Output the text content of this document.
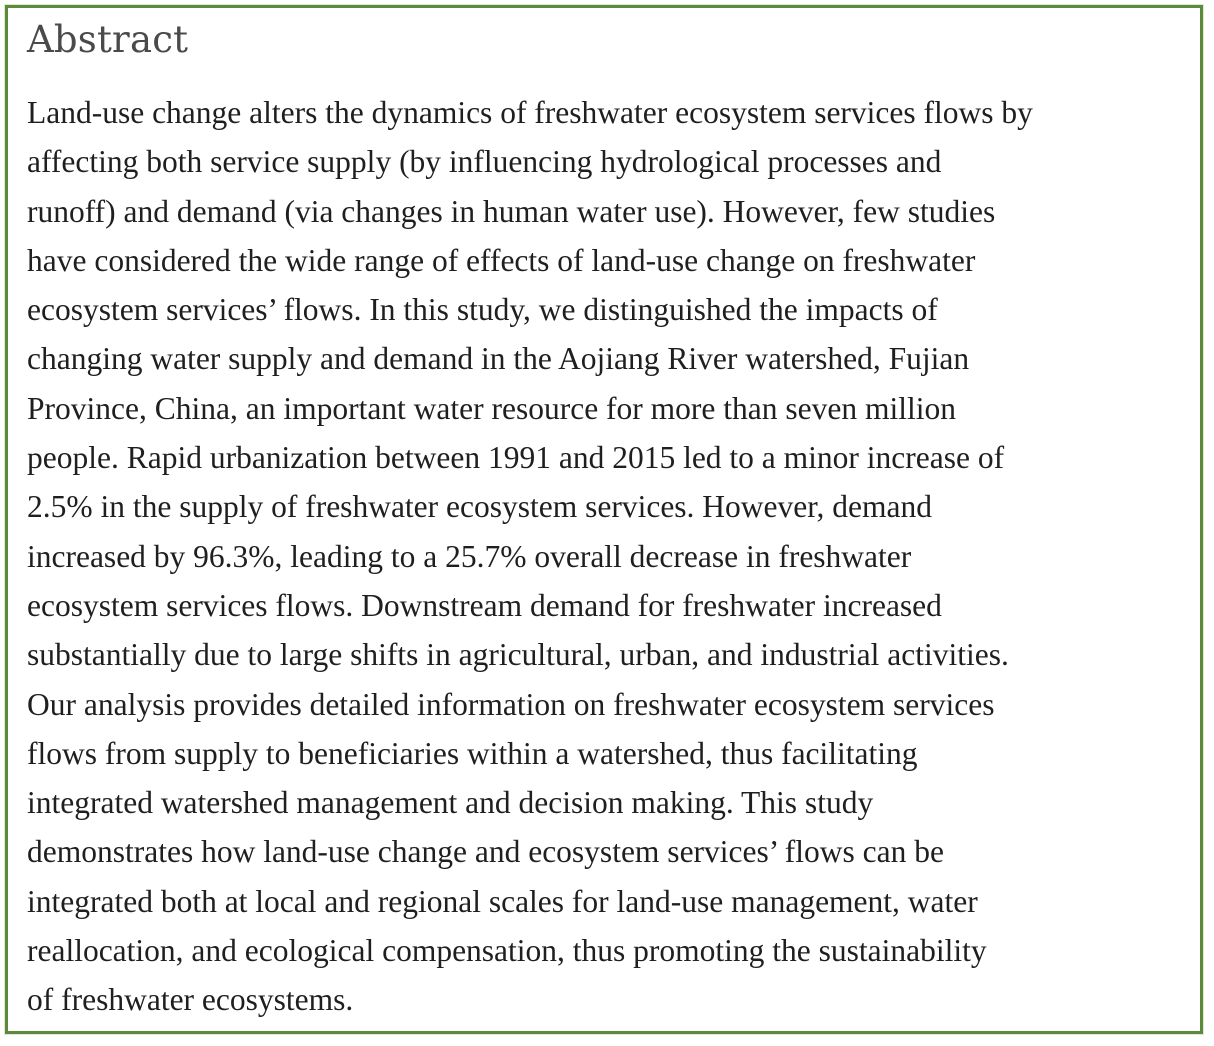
Abstract

Land-use change alters the dynamics of freshwater ecosystem services flows by
affecting both service supply (by influencing hydrological processes and
runoff) and demand (via changes in human water use). However, few studies
have considered the wide range of effects of land-use change on freshwater
ecosystem services’ flows. In this study, we distinguished the impacts of
changing water supply and demand in the Aojiang River watershed, Fujian
Province, China, an important water resource for more than seven million
people. Rapid urbanization between 1991 and 2015 led to a minor increase of
2.5% in the supply of freshwater ecosystem services. However, demand
increased by 96.3%, leading to a 25.7% overall decrease in freshwater
ecosystem services flows. Downstream demand for freshwater increased
substantially due to large shifts in agricultural, urban, and industrial activities.
Our analysis provides detailed information on freshwater ecosystem services
flows from supply to beneficiaries within a watershed, thus facilitating
integrated watershed management and decision making. This study
demonstrates how land-use change and ecosystem services’ flows can be
integrated both at local and regional scales for land-use management, water
reallocation, and ecological compensation, thus promoting the sustainability
of freshwater ecosystems.
